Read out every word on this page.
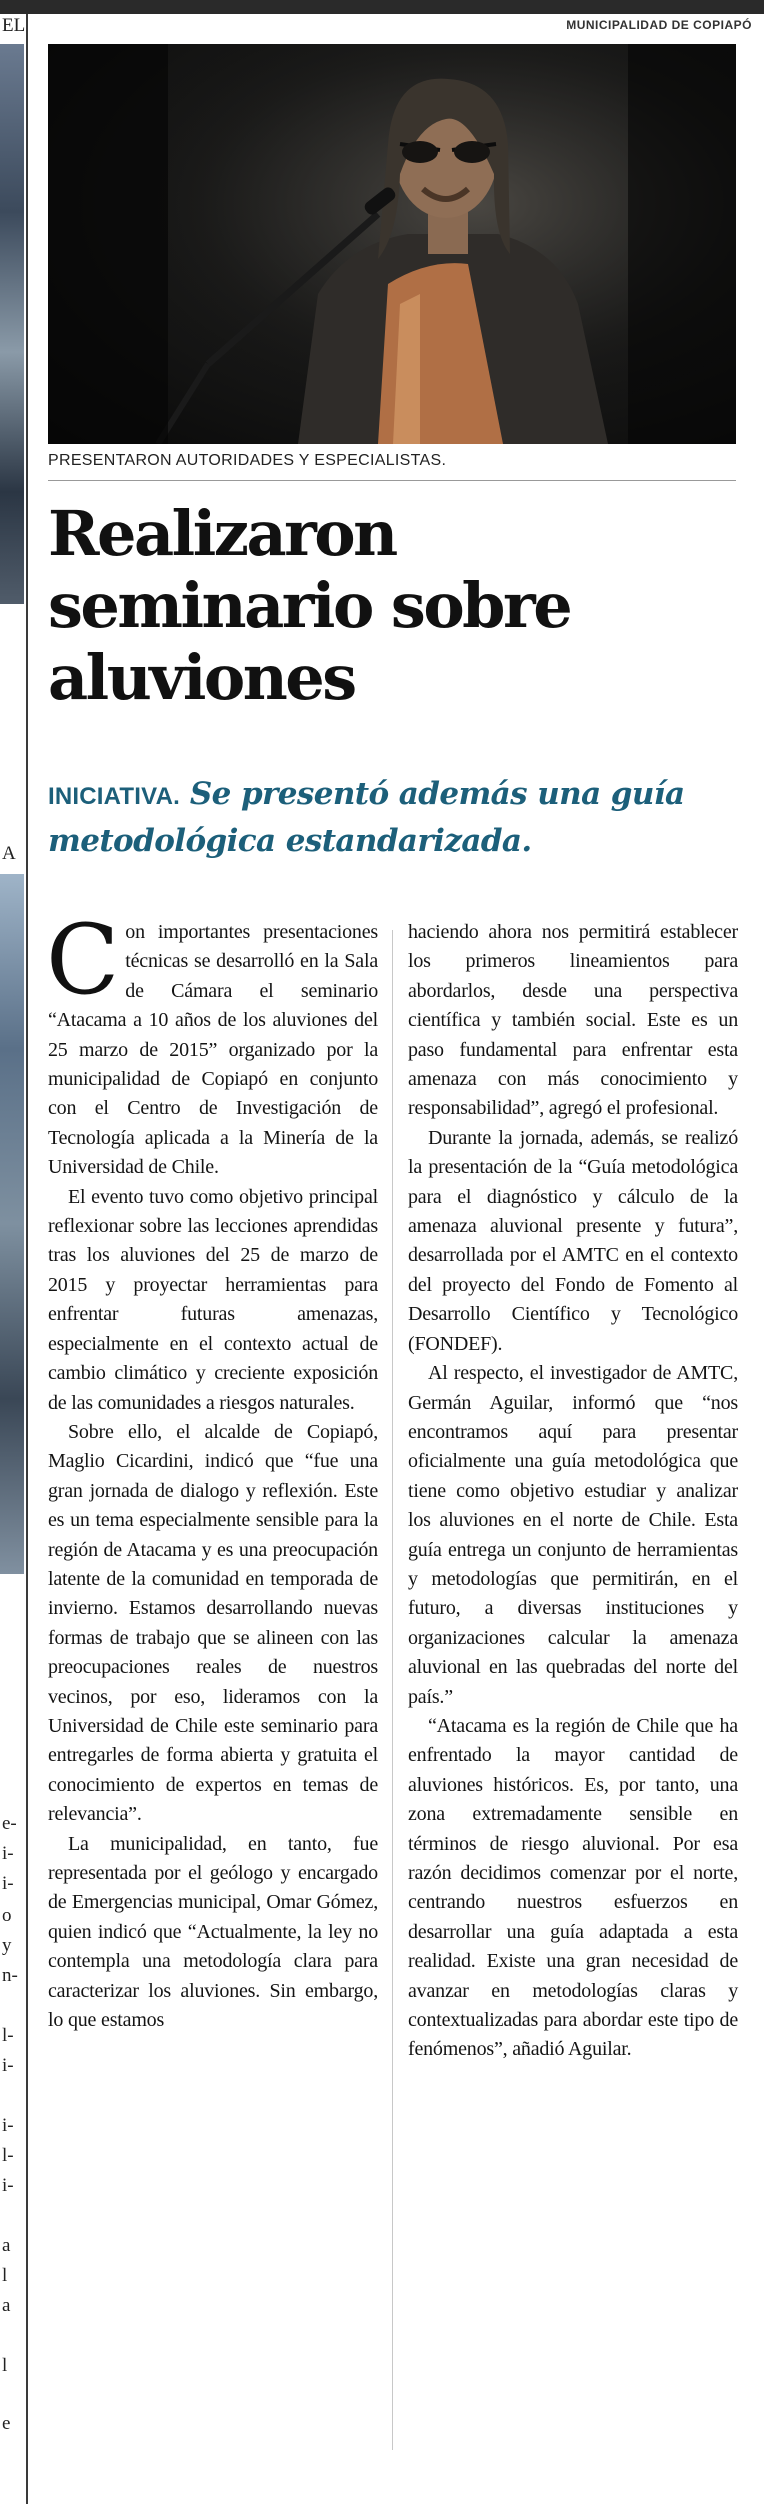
EL
A
e-
i-
i-
o
y
n-
l-
i-
i-
l-
i-
a
l
a
l
e
MUNICIPALIDAD DE COPIAPÓ
PRESENTARON AUTORIDADES Y ESPECIALISTAS.
Realizaron
seminario sobre
aluviones
INICIATIVA. Se presentó además una guía metodológica estandarizada.

Con importantes presentaciones técnicas se desarrolló en la Sala de Cámara el seminario “Atacama a 10 años de los aluviones del 25 marzo de 2015” organizado por la municipalidad de Copiapó en conjunto con el Centro de Investigación de Tecnología aplicada a la Minería de la Universidad de Chile.

El evento tuvo como objetivo principal reflexionar sobre las lecciones aprendidas tras los aluviones del 25 de marzo de 2015 y proyectar herramientas para enfrentar futuras amenazas, especialmente en el contexto actual de cambio climático y creciente exposición de las comunidades a riesgos naturales.

Sobre ello, el alcalde de Copiapó, Maglio Cicardini, indicó que “fue una gran jornada de dialogo y reflexión. Este es un tema especialmente sensible para la región de Atacama y es una preocupación latente de la comunidad en temporada de invierno. Estamos desarrollando nuevas formas de trabajo que se alineen con las preocupaciones reales de nuestros vecinos, por eso, lideramos con la Universidad de Chile este seminario para entregarles de forma abierta y gratuita el conocimiento de expertos en temas de relevancia”.

La municipalidad, en tanto, fue representada por el geólogo y encargado de Emergencias municipal, Omar Gómez, quien indicó que “Actualmente, la ley no contempla una metodología clara para caracterizar los aluviones. Sin embargo, lo que estamos

haciendo ahora nos permitirá establecer los primeros lineamientos para abordarlos, desde una perspectiva científica y también social. Este es un paso fundamental para enfrentar esta amenaza con más conocimiento y responsabilidad”, agregó el profesional.

Durante la jornada, además, se realizó la presentación de la “Guía metodológica para el diagnóstico y cálculo de la amenaza aluvional presente y futura”, desarrollada por el AMTC en el contexto del proyecto del Fondo de Fomento al Desarrollo Científico y Tecnológico (FONDEF).

Al respecto, el investigador de AMTC, Germán Aguilar, informó que “nos encontramos aquí para presentar oficialmente una guía metodológica que tiene como objetivo estudiar y analizar los aluviones en el norte de Chile. Esta guía entrega un conjunto de herramientas y metodologías que permitirán, en el futuro, a diversas instituciones y organizaciones calcular la amenaza aluvional en las quebradas del norte del país.”

“Atacama es la región de Chile que ha enfrentado la mayor cantidad de aluviones históricos. Es, por tanto, una zona extremadamente sensible en términos de riesgo aluvional. Por esa razón decidimos comenzar por el norte, centrando nuestros esfuerzos en desarrollar una guía adaptada a esta realidad. Existe una gran necesidad de avanzar en metodologías claras y contextualizadas para abordar este tipo de fenómenos”, añadió Aguilar.
